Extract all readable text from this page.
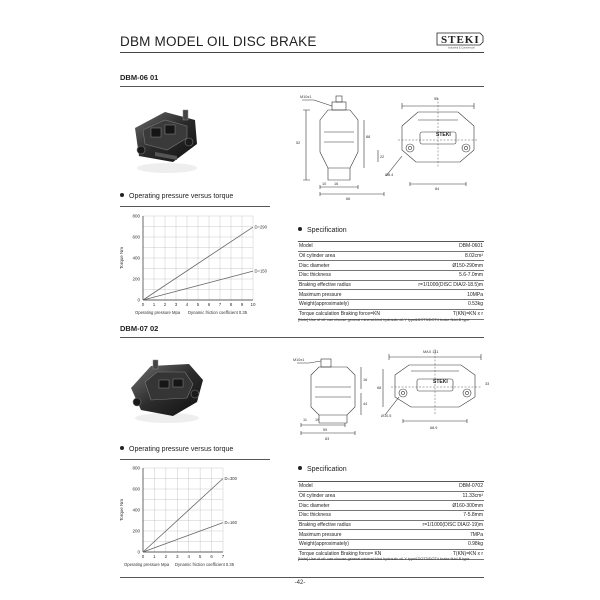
DBM MODEL OIL DISC BRAKE	STEKI
Industrial & Commercial
DBM-06 01
STEKI
M10x1	95
52
88
10 16
22
66
Ø8.4
84
Operating pressure versus torque
0 1 2 3 4 5 6 7 8 9 10
0
200
400
600
800
Torque Nm
D=290
D=150
Operating pressure Mpa Dynamic friction coefficient 0.35
Specification
Model	DBM-0601
Oil cylinder area	8.02cm²
Disc diameter	Ø150-290mm
Disc thickness	5.6-7.0mm
Braking effective radius	r=1/1000(DISC DIA/2-18.5)m
Maximum pressure	10MPa
Weight(approximately)	0.53kg
Torque calculation Braking force=KN	T(KN)=KN x r
[Note] Use of oil: can choose general mineral-kind hydraulic oil-Y type&DOT3/DOT4 brake fluid-B type
DBM-07 02
STEKI
M10x1
MAX 141
16
68
44
33
11 19
59
83
Ø10.5
68.9
Operating pressure versus torque
0 1 2 3 4 5 6 7
0
200
400
600
800
Torque Nm
D=300
D=160
Operating pressure Mpa Dynamic friction coefficient 0.35
Specification
Model	DBM-0702
Oil cylinder area	11.33cm²
Disc diameter	Ø160-300mm
Disc thickness	7-5.8mm
Braking effective radius	r=1/1000(DISC DIA/2-19)m
Maximum pressure	7MPa
Weight(approximately)	0.98kg
Torque calculation Braking force= KN	T(KN)=KN x r
[Note] Use of oil: can choose general mineral-kind hydraulic oil-Y type&DOT3/DOT4 brake fluid-B type
-42-
